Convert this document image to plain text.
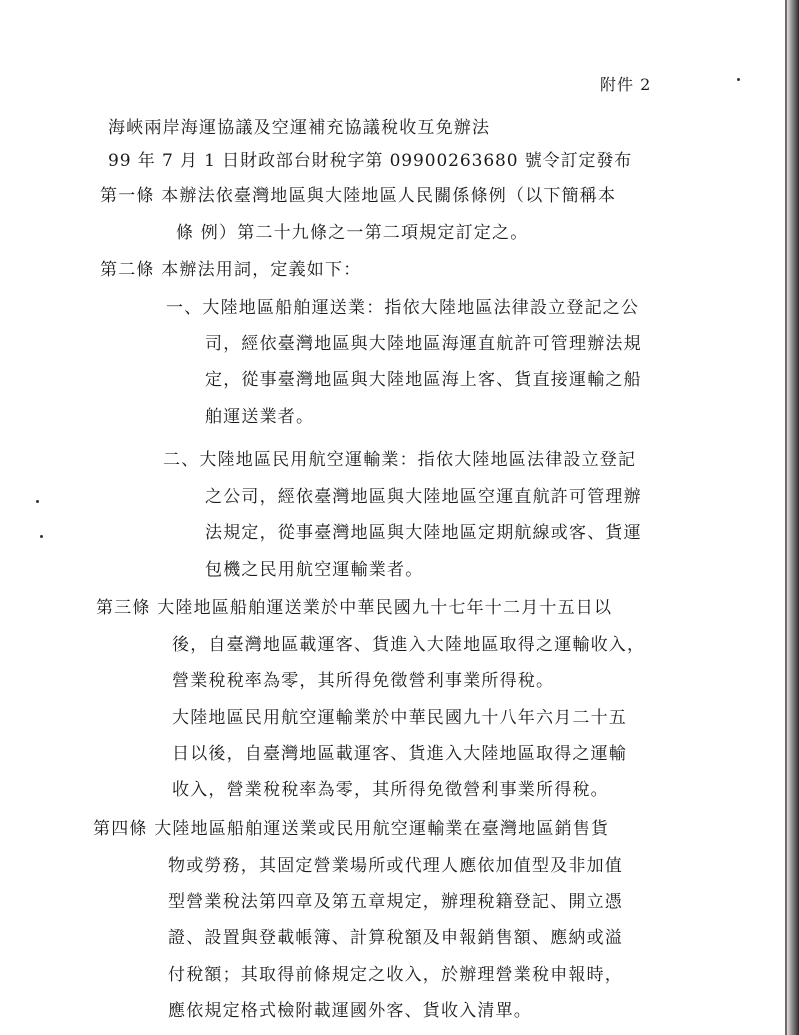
附件 2
海峽兩岸海運協議及空運補充協議稅收互免辦法
99 年 7 月 1 日財政部台財稅字第 09900263680 號令訂定發布
第一條 本辦法依臺灣地區與大陸地區人民關係條例（以下簡稱本
條 例）第二十九條之一第二項規定訂定之。
第二條 本辦法用詞，定義如下：
一、大陸地區船舶運送業：指依大陸地區法律設立登記之公
司，經依臺灣地區與大陸地區海運直航許可管理辦法規
定，從事臺灣地區與大陸地區海上客、貨直接運輸之船
舶運送業者。
二、大陸地區民用航空運輸業：指依大陸地區法律設立登記
之公司，經依臺灣地區與大陸地區空運直航許可管理辦
法規定，從事臺灣地區與大陸地區定期航線或客、貨運
包機之民用航空運輸業者。
第三條 大陸地區船舶運送業於中華民國九十七年十二月十五日以
後，自臺灣地區載運客、貨進入大陸地區取得之運輸收入，
營業稅稅率為零，其所得免徵營利事業所得稅。
大陸地區民用航空運輸業於中華民國九十八年六月二十五
日以後，自臺灣地區載運客、貨進入大陸地區取得之運輸
收入，營業稅稅率為零，其所得免徵營利事業所得稅。
第四條 大陸地區船舶運送業或民用航空運輸業在臺灣地區銷售貨
物或勞務，其固定營業場所或代理人應依加值型及非加值
型營業稅法第四章及第五章規定，辦理稅籍登記、開立憑
證、設置與登載帳簿、計算稅額及申報銷售額、應納或溢
付稅額；其取得前條規定之收入，於辦理營業稅申報時，
應依規定格式檢附載運國外客、貨收入清單。
